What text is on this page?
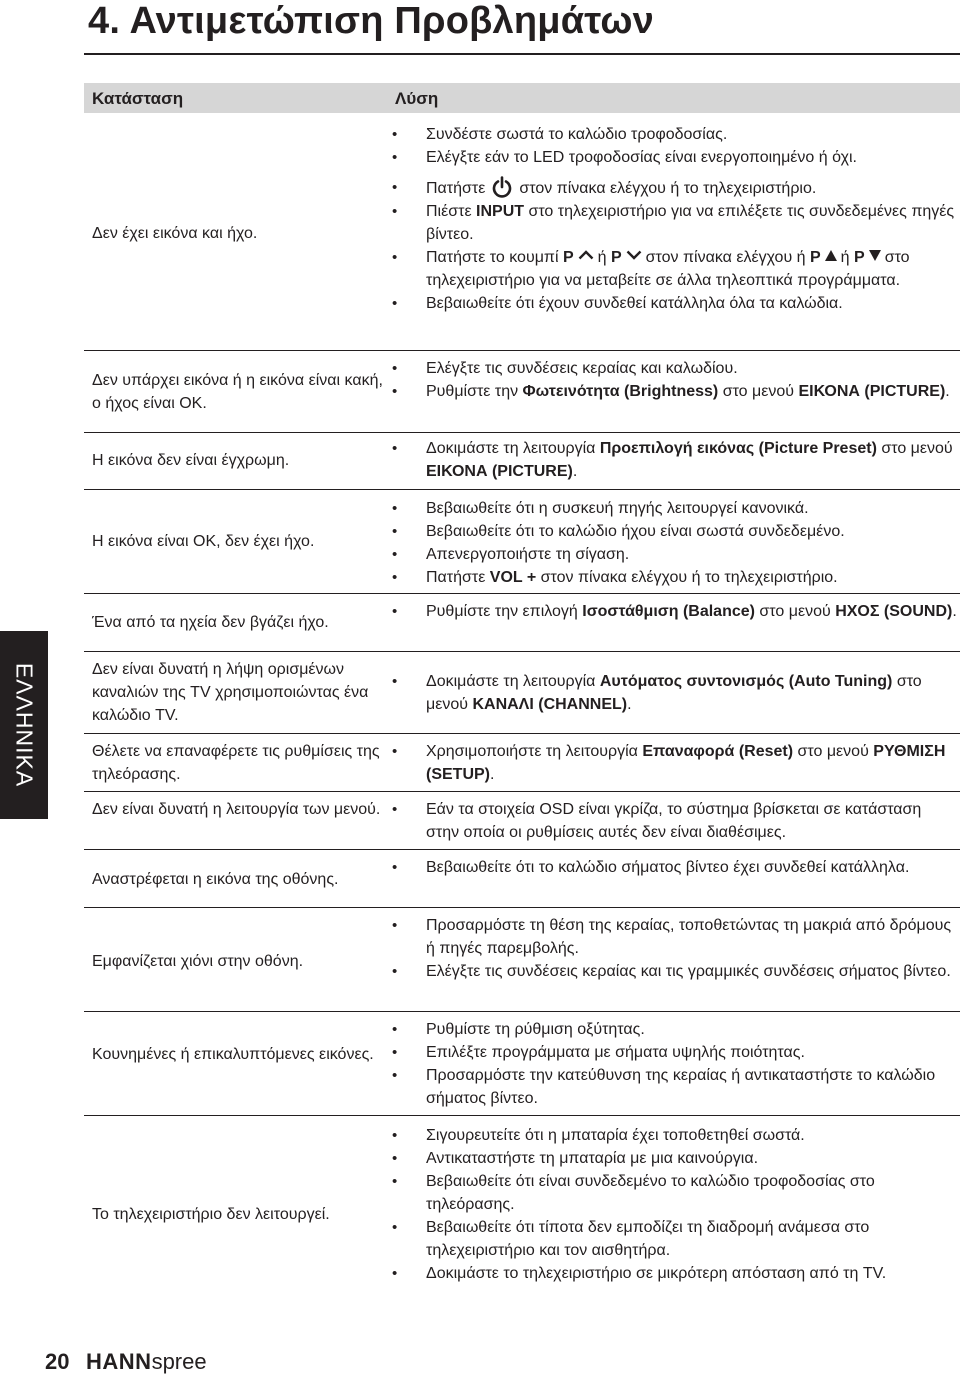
4. Αντιμετώπιση Προβλημάτων
ΕΛΛΗΝΙΚΑ
Κατάσταση	Λύση
Δεν έχει εικόνα και ήχο.
• Συνδέστε σωστά το καλώδιο τροφοδοσίας.
• Ελέγξτε εάν το LED τροφοδοσίας είναι ενεργοποιημένο ή όχι.
• Πατήστε στον πίνακα ελέγχου ή το τηλεχειριστήριο.
• Πιέστε INPUT στο τηλεχειριστήριο για να επιλέξετε τις συνδεδεμένες πηγές βίντεο.
• Πατήστε το κουμπί P ή P στον πίνακα ελέγχου ή P ή P στο τηλεχειριστήριο για να μεταβείτε σε άλλα τηλεοπτικά προγράμματα.
• Βεβαιωθείτε ότι έχουν συνδεθεί κατάλληλα όλα τα καλώδια.
Δεν υπάρχει εικόνα ή η εικόνα είναι κακή, ο ήχος είναι OK.
• Ελέγξτε τις συνδέσεις κεραίας και καλωδίου.
• Ρυθμίστε την Φωτεινότητα (Brightness) στο μενού ΕΙΚΟΝΑ (PICTURE).
Η εικόνα δεν είναι έγχρωμη.
• Δοκιμάστε τη λειτουργία Προεπιλογή εικόνας (Picture Preset) στο μενού ΕΙΚΟΝΑ (PICTURE).
Η εικόνα είναι OK, δεν έχει ήχο.
• Βεβαιωθείτε ότι η συσκευή πηγής λειτουργεί κανονικά.
• Βεβαιωθείτε ότι το καλώδιο ήχου είναι σωστά συνδεδεμένο.
• Απενεργοποιήστε τη σίγαση.
• Πατήστε VOL + στον πίνακα ελέγχου ή το τηλεχειριστήριο.
Ένα από τα ηχεία δεν βγάζει ήχο.
• Ρυθμίστε την επιλογή Ισοστάθμιση (Balance) στο μενού ΗΧΟΣ (SOUND).
Δεν είναι δυνατή η λήψη ορισμένων καναλιών της TV χρησιμοποιώντας ένα καλώδιο TV.
• Δοκιμάστε τη λειτουργία Αυτόματος συντονισμός (Auto Tuning) στο μενού ΚΑΝΑΛΙ (CHANNEL).
Θέλετε να επαναφέρετε τις ρυθμίσεις της τηλεόρασης.
• Χρησιμοποιήστε τη λειτουργία Επαναφορά (Reset) στο μενού ΡΥΘΜΙΣΗ (SETUP).
Δεν είναι δυνατή η λειτουργία των μενού.
•	Εάν τα στοιχεία OSD είναι γκρίζα, το σύστημα βρίσκεται σε κατάσταση στην οποία οι ρυθμίσεις αυτές δεν είναι διαθέσιμες.
Αναστρέφεται η εικόνα της οθόνης.
• Βεβαιωθείτε ότι το καλώδιο σήματος βίντεο έχει συνδεθεί κατάλληλα.
Εμφανίζεται χιόνι στην οθόνη.
• Προσαρμόστε τη θέση της κεραίας, τοποθετώντας τη μακριά από δρόμους ή πηγές παρεμβολής.
• Ελέγξτε τις συνδέσεις κεραίας και τις γραμμικές συνδέσεις σήματος βίντεο.
Κουνημένες ή επικαλυπτόμενες εικόνες.
• Ρυθμίστε τη ρύθμιση οξύτητας.
• Επιλέξτε προγράμματα με σήματα υψηλής ποιότητας.
• Προσαρμόστε την κατεύθυνση της κεραίας ή αντικαταστήστε το καλώδιο σήματος βίντεο.
Το τηλεχειριστήριο δεν λειτουργεί.
• Σιγουρευτείτε ότι η μπαταρία έχει τοποθετηθεί σωστά.
• Αντικαταστήστε τη μπαταρία με μια καινούργια.
• Βεβαιωθείτε ότι είναι συνδεδεμένο το καλώδιο τροφοδοσίας στο τηλεόρασης.
• Βεβαιωθείτε ότι τίποτα δεν εμποδίζει τη διαδρομή ανάμεσα στο τηλεχειριστήριο και τον αισθητήρα.
• Δοκιμάστε το τηλεχειριστήριο σε μικρότερη απόσταση από τη TV.
20 HANNspree
